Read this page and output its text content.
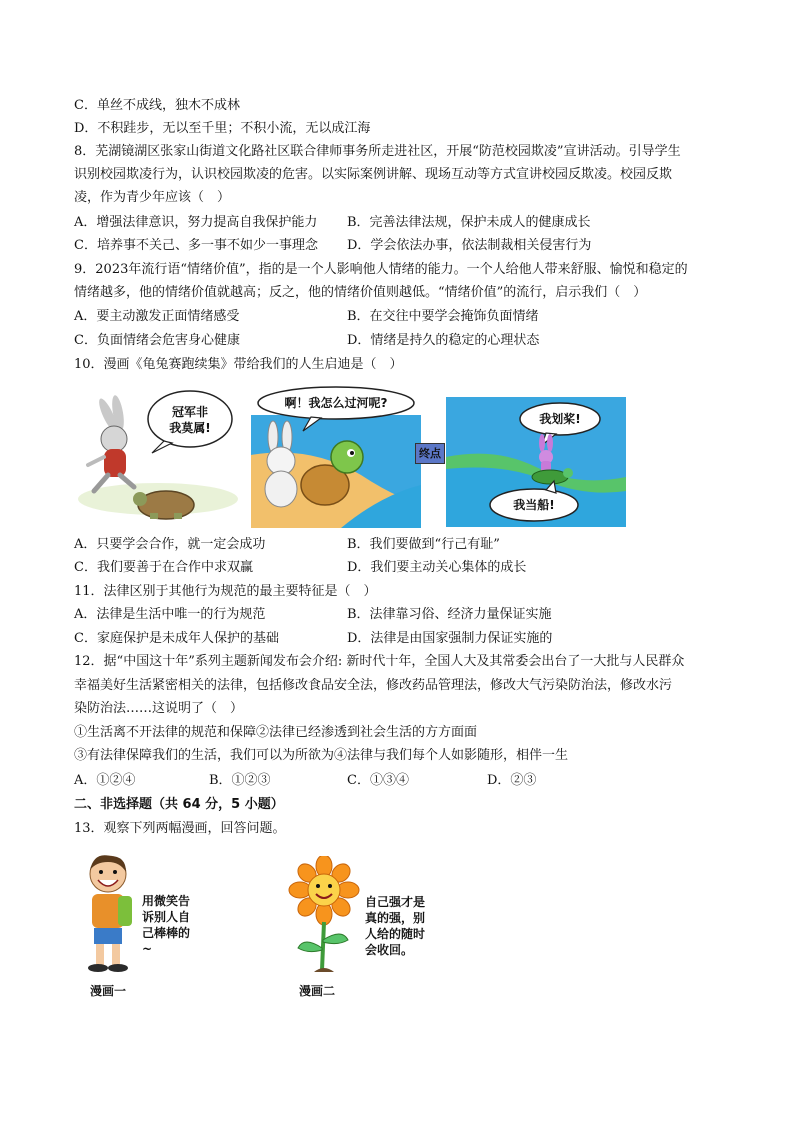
C．单丝不成线，独木不成林
D．不积跬步，无以至千里；不积小流，无以成江海
8．芜湖镜湖区张家山街道文化路社区联合律师事务所走进社区，开展“防范校园欺凌”宣讲活动。引导学生
识别校园欺凌行为，认识校园欺凌的危害。以实际案例讲解、现场互动等方式宣讲校园反欺凌。校园反欺
凌，作为青少年应该（　）
A．增强法律意识，努力提高自我保护能力 B．完善法律法规，保护未成人的健康成长
C．培养事不关己、多一事不如少一事理念 D．学会依法办事，依法制裁相关侵害行为
9．2023年流行语“情绪价值”，指的是一个人影响他人情绪的能力。一个人给他人带来舒服、愉悦和稳定的
情绪越多，他的情绪价值就越高；反之，他的情绪价值则越低。“情绪价值”的流行，启示我们（　）
A．要主动激发正面情绪感受	B．在交往中要学会掩饰负面情绪
C．负面情绪会危害身心健康	D．情绪是持久的稳定的心理状态
10．漫画《龟兔赛跑续集》带给我们的人生启迪是（　）
冠军非
我莫属!
啊！我怎么过河呢?
终点
我划桨!
我当船!
A．只要学会合作，就一定会成功	B．我们要做到“行己有耻”
C．我们要善于在合作中求双赢	D．我们要主动关心集体的成长
11．法律区别于其他行为规范的最主要特征是（　）
A．法律是生活中唯一的行为规范	B．法律靠习俗、经济力量保证实施
C．家庭保护是未成年人保护的基础	D．法律是由国家强制力保证实施的
12．据“中国这十年”系列主题新闻发布会介绍: 新时代十年，全国人大及其常委会出台了一大批与人民群众
幸福美好生活紧密相关的法律，包括修改食品安全法，修改药品管理法，修改大气污染防治法，修改水污
染防治法……这说明了（　）
①生活离不开法律的规范和保障②法律已经渗透到社会生活的方方面面
③有法律保障我们的生活，我们可以为所欲为④法律与我们每个人如影随形，相伴一生
A．①②④	B．①②③	C．①③④	D．②③
二、非选择题（共 64 分，5 小题）
13．观察下列两幅漫画，回答问题。
用微笑告
诉别人自
己棒棒的
~
漫画一
自己强才是
真的强，别
人给的随时
会收回。
漫画二
